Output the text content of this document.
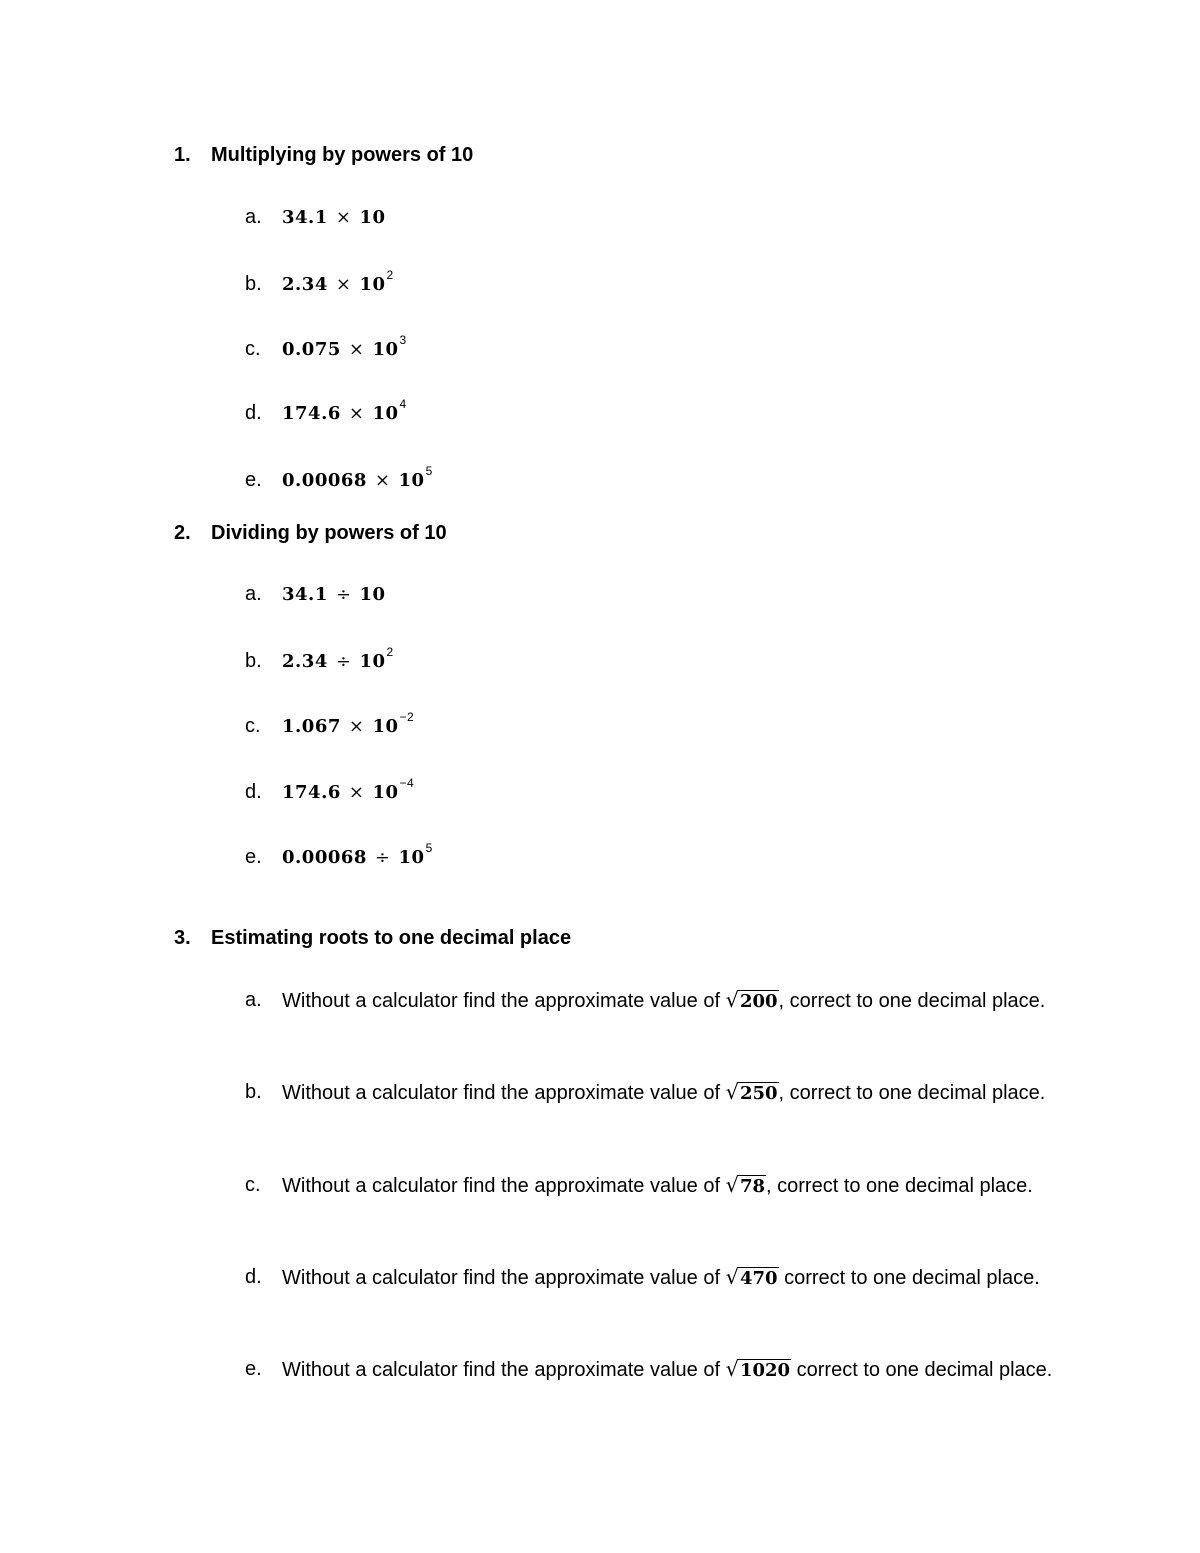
1. Multiplying by powers of 10
a. 34.1 × 10
b. $2.34 \times 10^2$
c. $0.075 \times 10^3$
d. $174.6 \times 10^4$
e. $0.00068 \times 10^5$
2. Dividing by powers of 10
a. 34.1 ÷ 10
b. $2.34 \div 10^2$
c. $1.067 \times 10^{-2}$
d. $174.6 \times 10^{-4}$
e. $0.00068 \div 10^5$
3. Estimating roots to one decimal place
a. Without a calculator find the approximate value of √200, correct to one decimal place.
b. Without a calculator find the approximate value of √250, correct to one decimal place.
c. Without a calculator find the approximate value of √78, correct to one decimal place.
d. Without a calculator find the approximate value of √470 correct to one decimal place.
e. Without a calculator find the approximate value of √1020 correct to one decimal place.
